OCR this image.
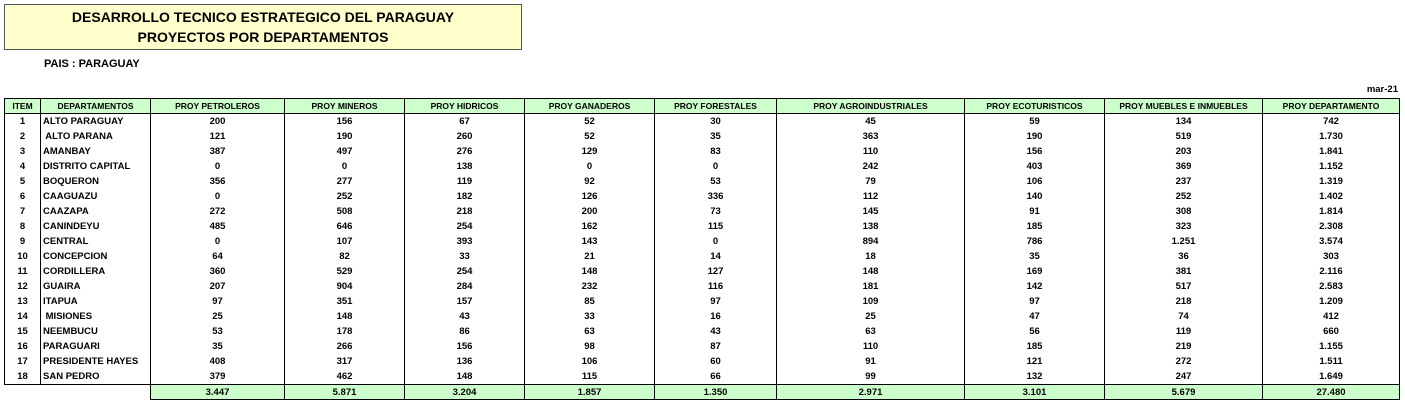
DESARROLLO TECNICO ESTRATEGICO DEL PARAGUAY
PROYECTOS POR DEPARTAMENTOS
PAIS : PARAGUAY
mar-21
ITEM	DEPARTAMENTOS	PROY PETROLEROS	PROY MINEROS	PROY HIDRICOS	PROY GANADEROS	PROY FORESTALES	PROY AGROINDUSTRIALES	PROY ECOTURISTICOS	PROY MUEBLES E INMUEBLES	PROY DEPARTAMENTO
1	ALTO PARAGUAY	200	156	67	52	30	45	59	134	742
2	ALTO PARANA	121	190	260	52	35	363	190	519	1.730
3	AMANBAY	387	497	276	129	83	110	156	203	1.841
4	DISTRITO CAPITAL	0	0	138	0	0	242	403	369	1.152
5	BOQUERON	356	277	119	92	53	79	106	237	1.319
6	CAAGUAZU	0	252	182	126	336	112	140	252	1.402
7	CAAZAPA	272	508	218	200	73	145	91	308	1.814
8	CANINDEYU	485	646	254	162	115	138	185	323	2.308
9	CENTRAL	0	107	393	143	0	894	786	1.251	3.574
10	CONCEPCION	64	82	33	21	14	18	35	36	303
11	CORDILLERA	360	529	254	148	127	148	169	381	2.116
12	GUAIRA	207	904	284	232	116	181	142	517	2.583
13	ITAPUA	97	351	157	85	97	109	97	218	1.209
14	MISIONES	25	148	43	33	16	25	47	74	412
15	NEEMBUCU	53	178	86	63	43	63	56	119	660
16	PARAGUARI	35	266	156	98	87	110	185	219	1.155
17	PRESIDENTE HAYES	408	317	136	106	60	91	121	272	1.511
18	SAN PEDRO	379	462	148	115	66	99	132	247	1.649
		3.447	5.871	3.204	1.857	1.350	2.971	3.101	5.679	27.480
